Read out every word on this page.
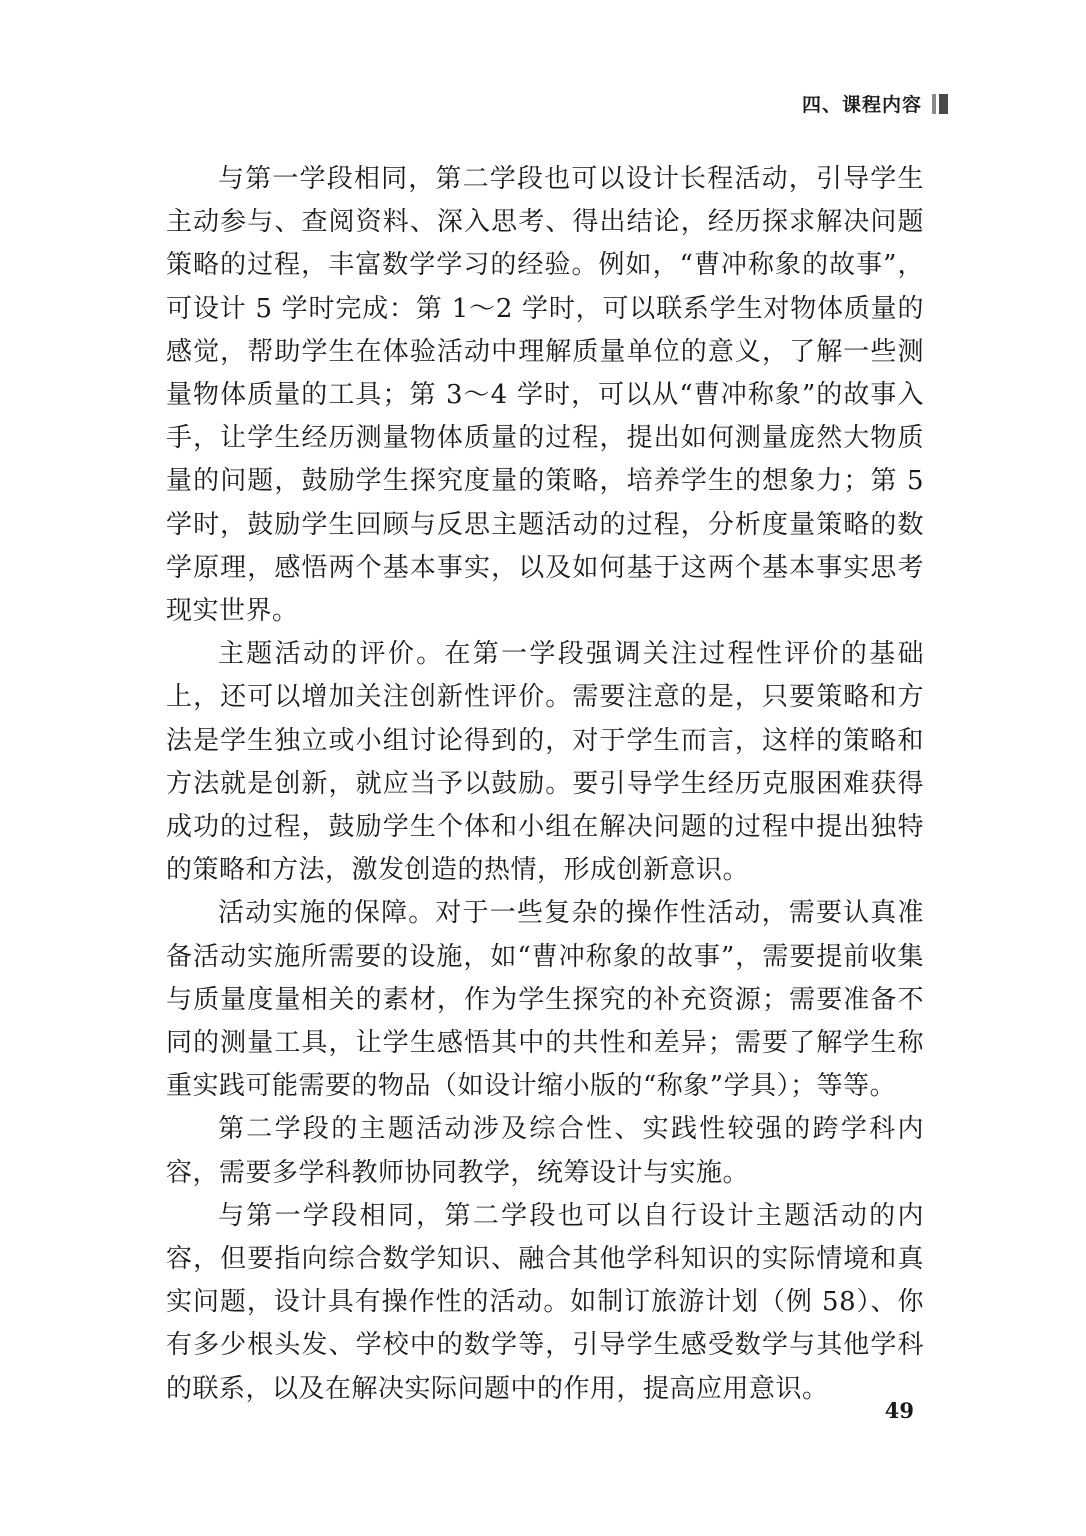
四、课程内容

与第一学段相同，第二学段也可以设计长程活动，引导学生主动参与、查阅资料、深入思考、得出结论，经历探求解决问题策略的过程，丰富数学学习的经验。例如，“曹冲称象的故事”，可设计 5 学时完成：第 1～2 学时，可以联系学生对物体质量的感觉，帮助学生在体验活动中理解质量单位的意义，了解一些测量物体质量的工具；第 3～4 学时，可以从“曹冲称象”的故事入手，让学生经历测量物体质量的过程，提出如何测量庞然大物质量的问题，鼓励学生探究度量的策略，培养学生的想象力；第 5 学时，鼓励学生回顾与反思主题活动的过程，分析度量策略的数学原理，感悟两个基本事实，以及如何基于这两个基本事实思考现实世界。

主题活动的评价。在第一学段强调关注过程性评价的基础上，还可以增加关注创新性评价。需要注意的是，只要策略和方法是学生独立或小组讨论得到的，对于学生而言，这样的策略和方法就是创新，就应当予以鼓励。要引导学生经历克服困难获得成功的过程，鼓励学生个体和小组在解决问题的过程中提出独特的策略和方法，激发创造的热情，形成创新意识。

活动实施的保障。对于一些复杂的操作性活动，需要认真准备活动实施所需要的设施，如“曹冲称象的故事”，需要提前收集与质量度量相关的素材，作为学生探究的补充资源；需要准备不同的测量工具，让学生感悟其中的共性和差异；需要了解学生称重实践可能需要的物品（如设计缩小版的“称象”学具）；等等。

第二学段的主题活动涉及综合性、实践性较强的跨学科内容，需要多学科教师协同教学，统筹设计与实施。

与第一学段相同，第二学段也可以自行设计主题活动的内容，但要指向综合数学知识、融合其他学科知识的实际情境和真实问题，设计具有操作性的活动。如制订旅游计划（例 58）、你有多少根头发、学校中的数学等，引导学生感受数学与其他学科的联系，以及在解决实际问题中的作用，提高应用意识。

49
